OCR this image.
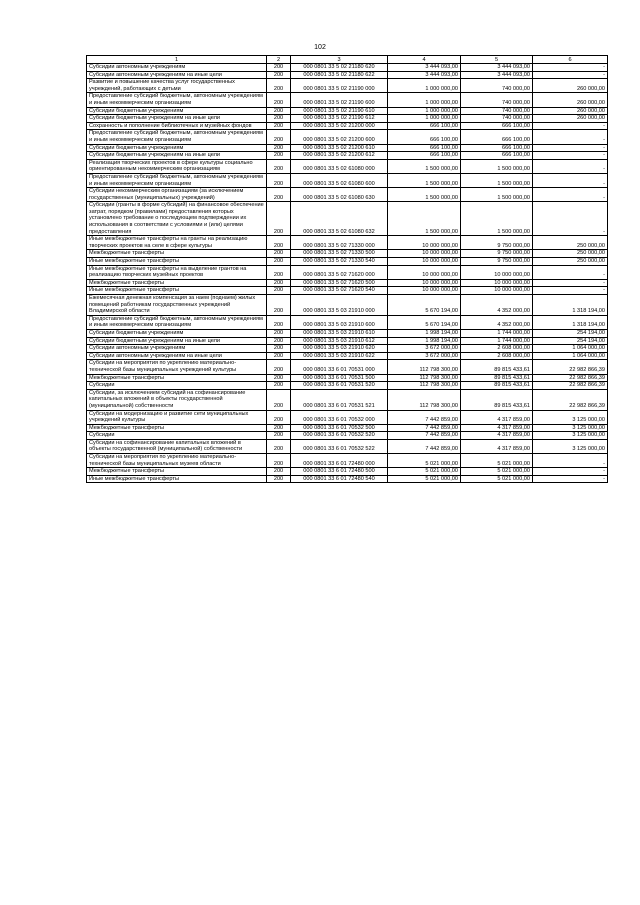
102
1	2	3	4	5	6
Субсидии автономным учреждениям	200	000 0801 33 5 02 21180 620	3 444 093,00	3 444 093,00	-
Субсидии автономным учреждениям на иные цели	200	000 0801 33 5 02 21180 622	3 444 093,00	3 444 093,00	-
Развитие и повышение качества услуг государственных учреждений, работающих с детьми	200	000 0801 33 5 02 21190 000	1 000 000,00	740 000,00	260 000,00
Предоставление субсидий бюджетным, автономным учреждениям и иным некоммерческим организациям	200	000 0801 33 5 02 21190 600	1 000 000,00	740 000,00	260 000,00
Субсидии бюджетным учреждениям	200	000 0801 33 5 02 21190 610	1 000 000,00	740 000,00	260 000,00
Субсидии бюджетным учреждениям на иные цели	200	000 0801 33 5 02 21190 612	1 000 000,00	740 000,00	260 000,00
Сохранность и пополнение библиотечных и музейных фондов	200	000 0801 33 5 02 21200 000	666 100,00	666 100,00	-
Предоставление субсидий бюджетным, автономным учреждениям и иным некоммерческим организациям	200	000 0801 33 5 02 21200 600	666 100,00	666 100,00	-
Субсидии бюджетным учреждениям	200	000 0801 33 5 02 21200 610	666 100,00	666 100,00	-
Субсидии бюджетным учреждениям на иные цели	200	000 0801 33 5 02 21200 612	666 100,00	666 100,00	-
Реализация творческих проектов в сфере культуры социально ориентированным некоммерческим организациям	200	000 0801 33 5 02 61080 000	1 500 000,00	1 500 000,00	-
Предоставление субсидий бюджетным, автономным учреждениям и иным некоммерческим организациям	200	000 0801 33 5 02 61080 600	1 500 000,00	1 500 000,00	-
Субсидии некоммерческим организациям (за исключением государственных (муниципальных) учреждений)	200	000 0801 33 5 02 61080 630	1 500 000,00	1 500 000,00	-
Субсидии (гранты в форме субсидий) на финансовое обеспечение затрат, порядком (правилами) предоставления которых установлено требование о последующем подтверждении их использования в соответствии с условиями и (или) целями предоставления	200	000 0801 33 5 02 61080 632	1 500 000,00	1 500 000,00	-
Иные межбюджетные трансферты на гранты на реализацию творческих проектов на селе в сфере культуры	200	000 0801 33 5 02 71330 000	10 000 000,00	9 750 000,00	250 000,00
Межбюджетные трансферты	200	000 0801 33 5 02 71330 500	10 000 000,00	9 750 000,00	250 000,00
Иные межбюджетные трансферты	200	000 0801 33 5 02 71330 540	10 000 000,00	9 750 000,00	250 000,00
Иные межбюджетные трансферты на выделение грантов на реализацию творческих музейных проектов	200	000 0801 33 5 02 71620 000	10 000 000,00	10 000 000,00	-
Межбюджетные трансферты	200	000 0801 33 5 02 71620 500	10 000 000,00	10 000 000,00	-
Иные межбюджетные трансферты	200	000 0801 33 5 02 71620 540	10 000 000,00	10 000 000,00	-
Ежемесячная денежная компенсация за наем (поднаем) жилых помещений работникам государственных учреждений Владимирской области	200	000 0801 33 5 03 21910 000	5 670 194,00	4 352 000,00	1 318 194,00
Предоставление субсидий бюджетным, автономным учреждениям и иным некоммерческим организациям	200	000 0801 33 5 03 21910 600	5 670 194,00	4 352 000,00	1 318 194,00
Субсидии бюджетным учреждениям	200	000 0801 33 5 03 21910 610	1 998 194,00	1 744 000,00	254 194,00
Субсидии бюджетным учреждениям на иные цели	200	000 0801 33 5 03 21910 612	1 998 194,00	1 744 000,00	254 194,00
Субсидии автономным учреждениям	200	000 0801 33 5 03 21910 620	3 672 000,00	2 608 000,00	1 064 000,00
Субсидии автономным учреждениям на иные цели	200	000 0801 33 5 03 21910 622	3 672 000,00	2 608 000,00	1 064 000,00
Субсидии на мероприятия по укреплению материально-технической базы муниципальных учреждений культуры	200	000 0801 33 6 01 70531 000	112 798 300,00	89 815 433,61	22 982 866,39
Межбюджетные трансферты	200	000 0801 33 6 01 70531 500	112 798 300,00	89 815 433,61	22 982 866,39
Субсидии	200	000 0801 33 6 01 70531 520	112 798 300,00	89 815 433,61	22 982 866,39
Субсидии, за исключением субсидий на софинансирование капитальных вложений в объекты государственной (муниципальной) собственности	200	000 0801 33 6 01 70531 521	112 798 300,00	89 815 433,61	22 982 866,39
Субсидии на модернизацию и развитие сети муниципальных учреждений культуры	200	000 0801 33 6 01 70532 000	7 442 859,00	4 317 859,00	3 125 000,00
Межбюджетные трансферты	200	000 0801 33 6 01 70532 500	7 442 859,00	4 317 859,00	3 125 000,00
Субсидии	200	000 0801 33 6 01 70532 520	7 442 859,00	4 317 859,00	3 125 000,00
Субсидии на софинансирование капитальных вложений в объекты государственной (муниципальной) собственности	200	000 0801 33 6 01 70532 522	7 442 859,00	4 317 859,00	3 125 000,00
Субсидии на мероприятия по укреплению материально-технической базы муниципальных музеев области	200	000 0801 33 6 01 72480 000	5 021 000,00	5 021 000,00	-
Межбюджетные трансферты	200	000 0801 33 6 01 72480 500	5 021 000,00	5 021 000,00	-
Иные межбюджетные трансферты	200	000 0801 33 6 01 72480 540	5 021 000,00	5 021 000,00	-
